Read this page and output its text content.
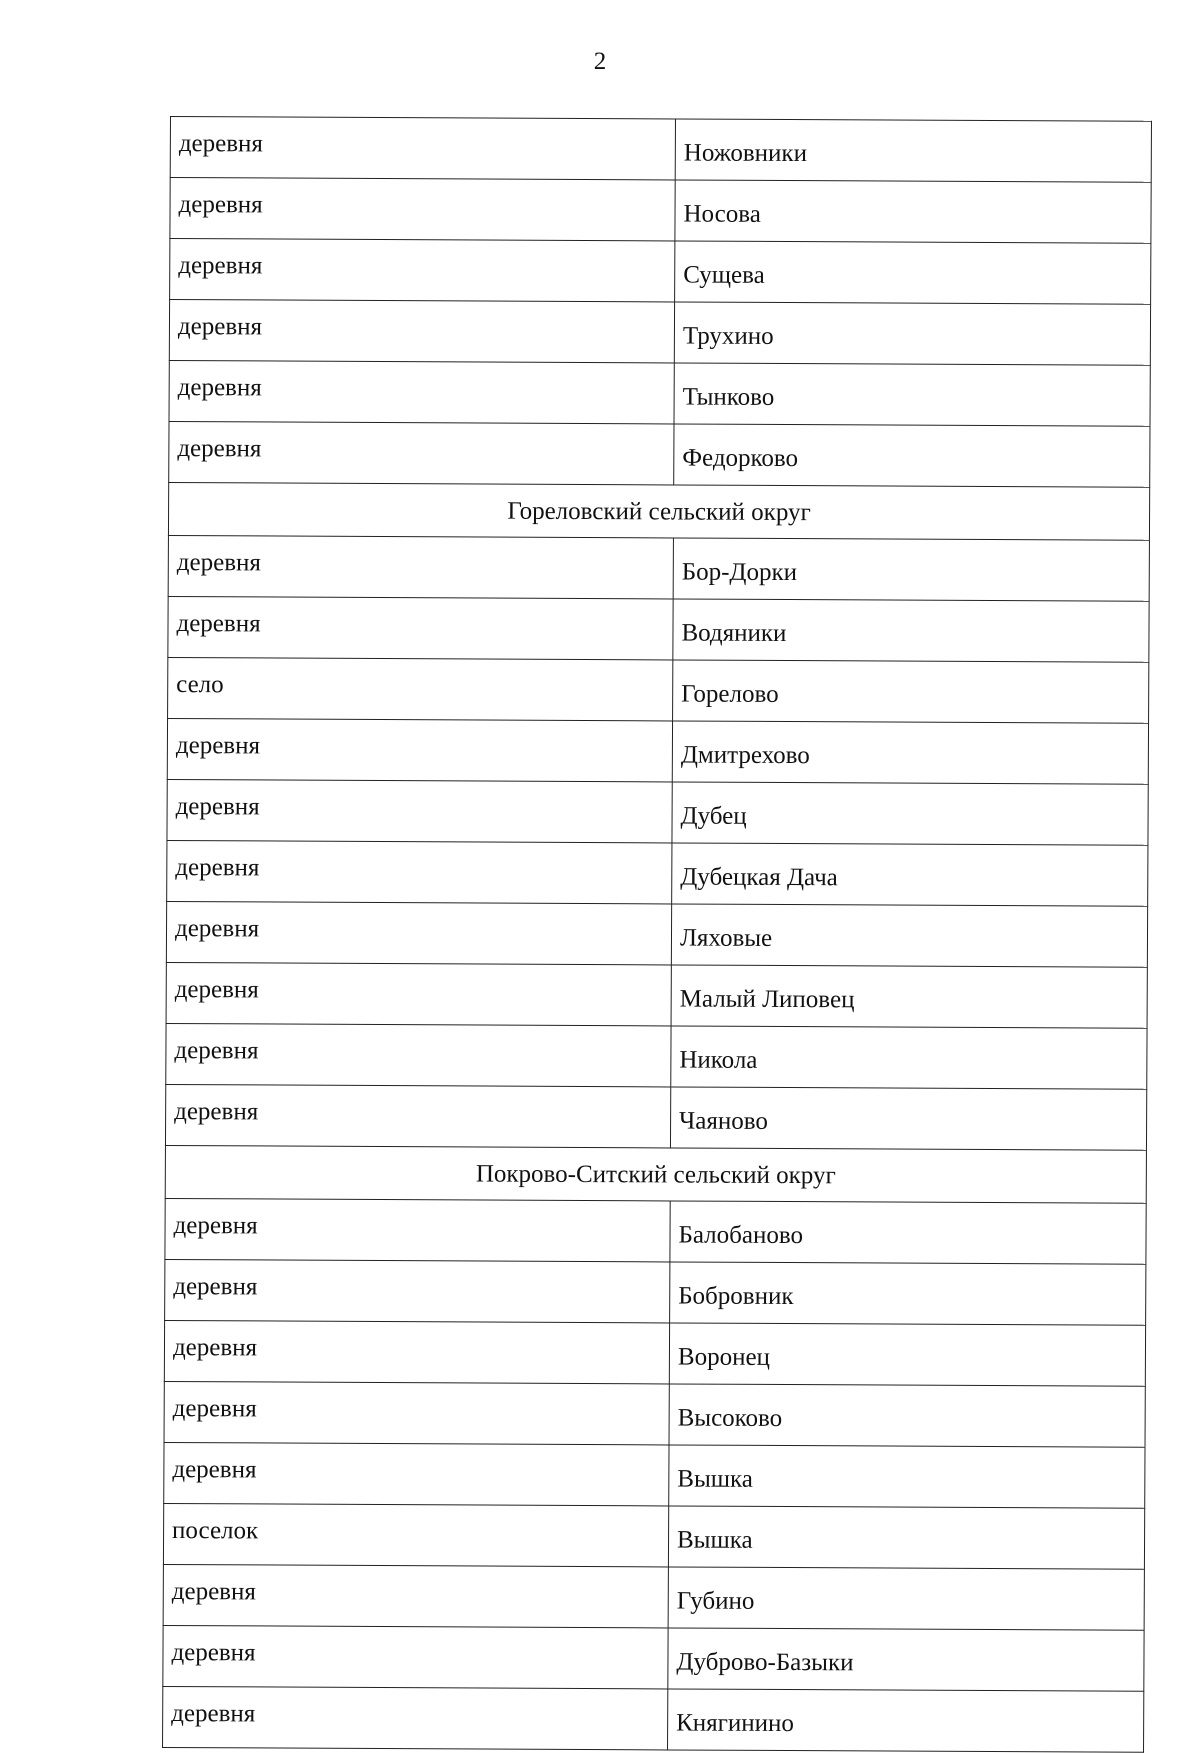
2
деревня	Ножовники
деревня	Носова
деревня	Сущева
деревня	Трухино
деревня	Тынково
деревня	Федорково
Гореловский сельский округ	
деревня	Бор-Дорки
деревня	Водяники
село	Горелово
деревня	Дмитрехово
деревня	Дубец
деревня	Дубецкая Дача
деревня	Ляховые
деревня	Малый Липовец
деревня	Никола
деревня	Чаяново
Покрово-Ситский сельский округ	
деревня	Балобаново
деревня	Бобровник
деревня	Воронец
деревня	Высоково
деревня	Вышка
поселок	Вышка
деревня	Губино
деревня	Дуброво-Базыки
деревня	Княгинино
